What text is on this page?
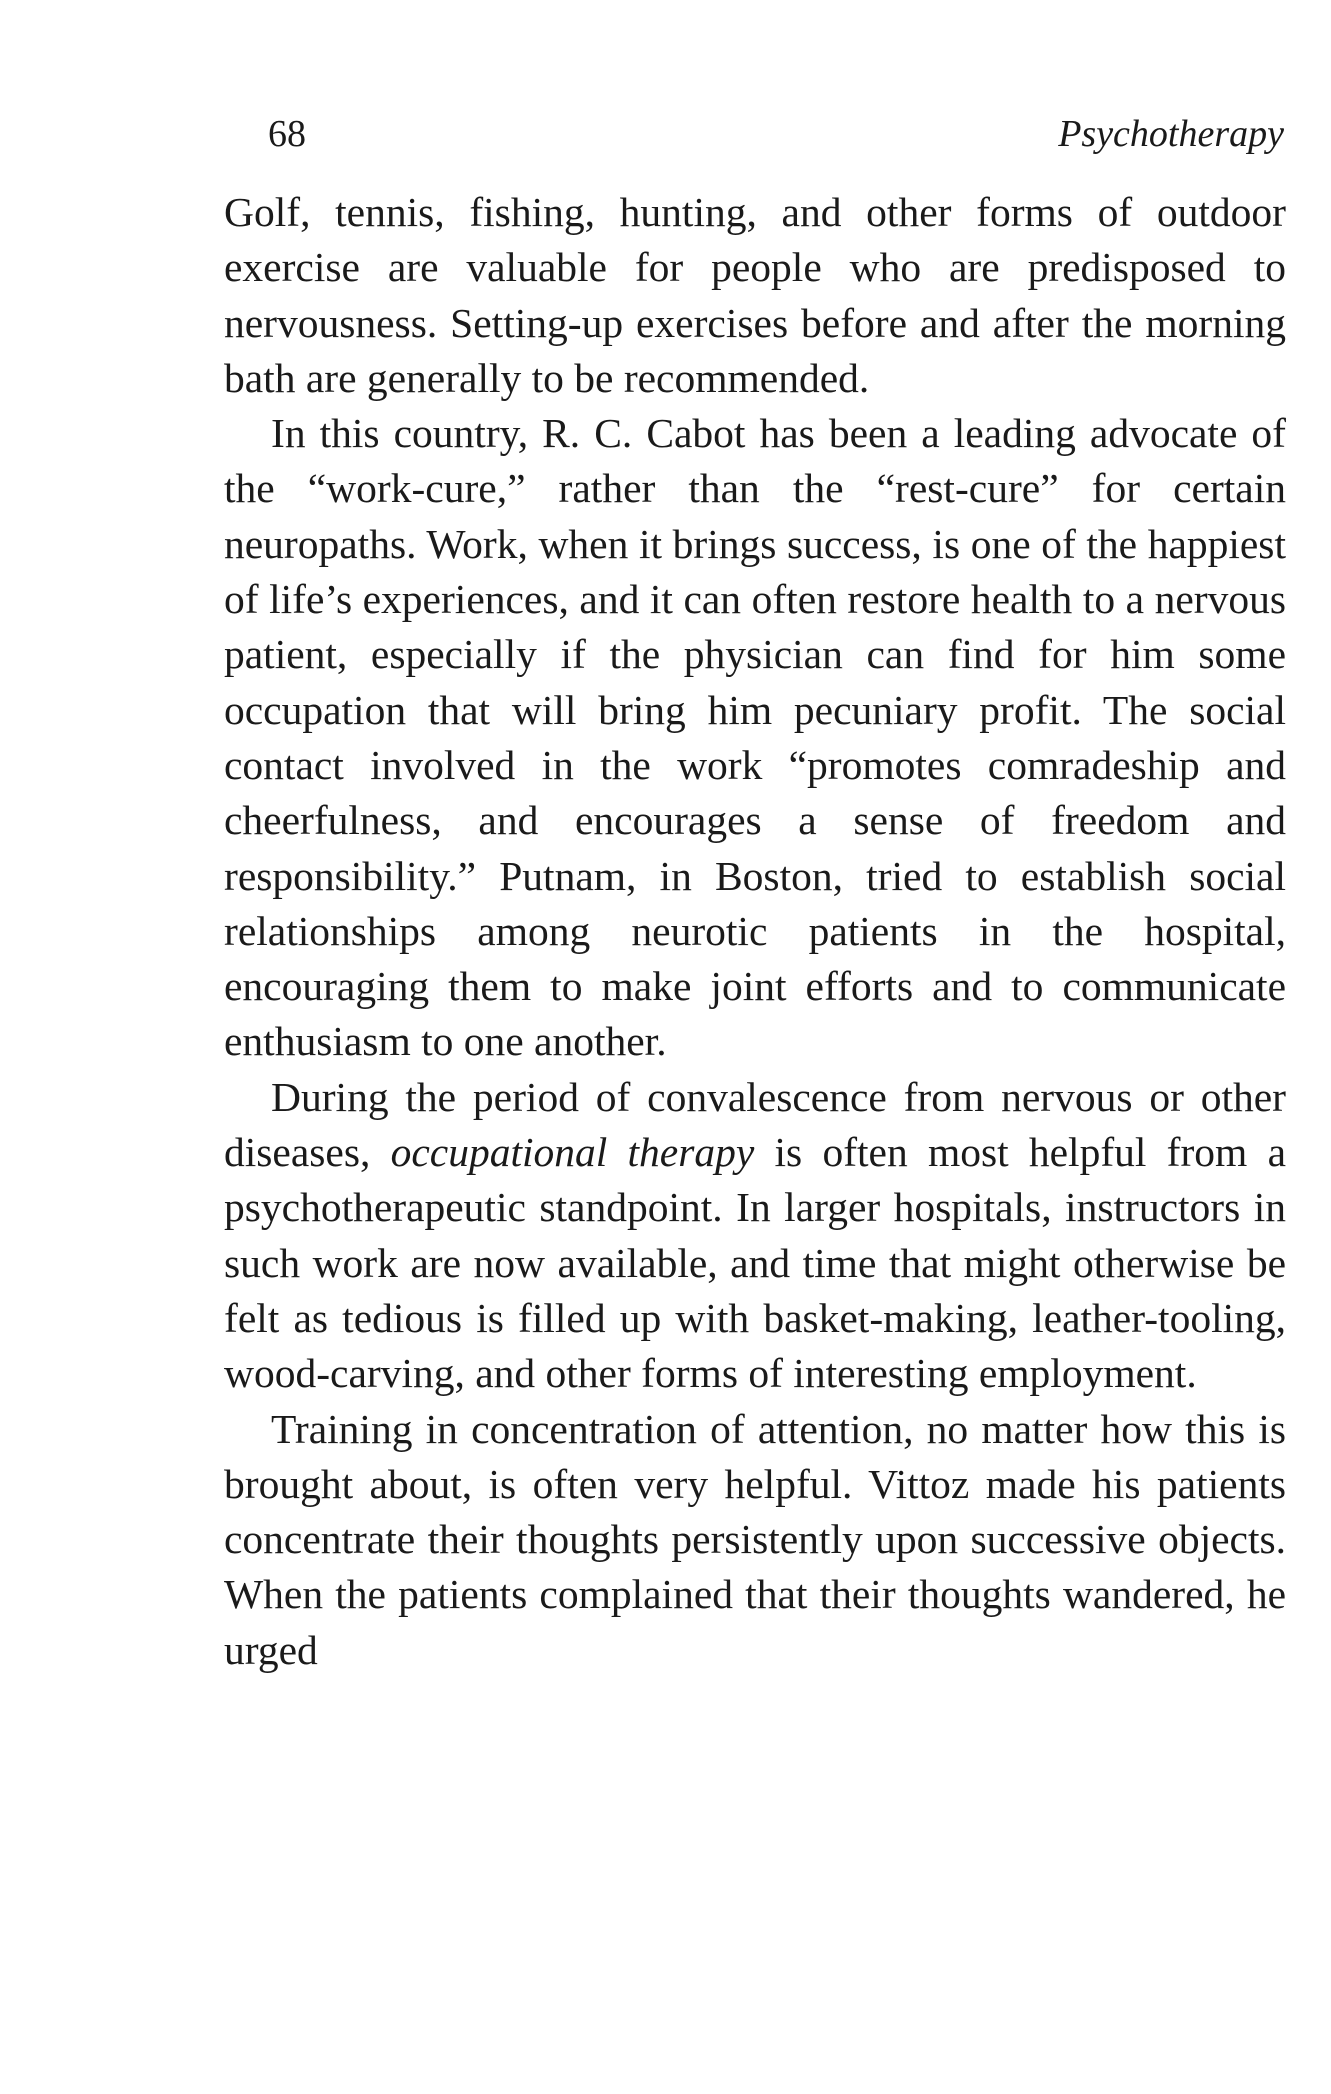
68	Psychotherapy

Golf, tennis, fishing, hunting, and other forms of outdoor exercise are valuable for people who are predisposed to nervousness. Setting-up exercises before and after the morning bath are generally to be recommended.

In this country, R. C. Cabot has been a leading advocate of the “work-cure,” rather than the “rest-cure” for certain neuropaths. Work, when it brings success, is one of the happiest of life’s experiences, and it can often restore health to a nervous patient, especially if the physician can find for him some occupation that will bring him pecuniary profit. The social contact involved in the work “promotes comradeship and cheerfulness, and encourages a sense of freedom and responsibility.” Putnam, in Boston, tried to establish social relationships among neurotic patients in the hospital, encouraging them to make joint efforts and to communicate enthusiasm to one another.

During the period of convalescence from nervous or other diseases, occupational therapy is often most helpful from a psychotherapeutic standpoint. In larger hospitals, instructors in such work are now available, and time that might otherwise be felt as tedious is filled up with basket-making, leather-tooling, wood-carving, and other forms of interesting employment.

Training in concentration of attention, no matter how this is brought about, is often very helpful. Vittoz made his patients concentrate their thoughts persistently upon successive objects. When the patients complained that their thoughts wandered, he urged
